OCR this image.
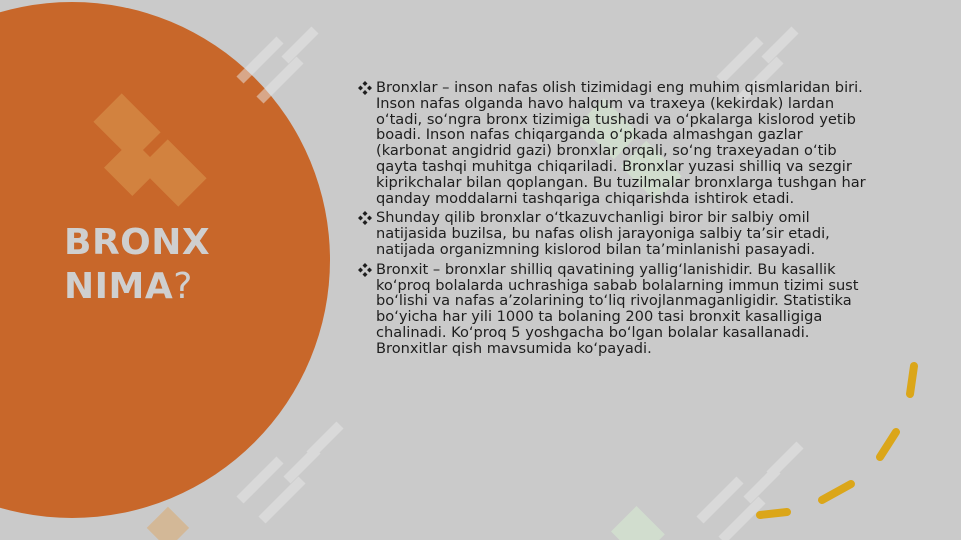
BRONX
NIMA?
Bronxlar – inson nafas olish tizimidagi eng muhim qismlaridan biri. Inson nafas olganda havo halqum va traxeya (kekirdak) lardan o‘tadi, so‘ngra bronx tizimiga tushadi va o‘pkalarga kislorod yetib boadi. Inson nafas chiqarganda o‘pkada almashgan gazlar (karbonat angidrid gazi) bronxlar orqali, so‘ng traxeyadan o‘tib qayta tashqi muhitga chiqariladi. Bronxlar yuzasi shilliq va sezgir kiprikchalar bilan qoplangan. Bu tuzilmalar bronxlarga tushgan har qanday moddalarni tashqariga chiqarishda ishtirok etadi.
Shunday qilib bronxlar o‘tkazuvchanligi biror bir salbiy omil natijasida buzilsa, bu nafas olish jarayoniga salbiy ta’sir etadi, natijada organizmning kislorod bilan ta’minlanishi pasayadi.
Bronxit – bronxlar shilliq qavatining yallig‘lanishidir. Bu kasallik ko‘proq bolalarda uchrashiga sabab bolalarning immun tizimi sust bo‘lishi va nafas a’zolarining to‘liq rivojlanmaganligidir. Statistika bo‘yicha har yili 1000 ta bolaning 200 tasi bronxit kasalligiga chalinadi. Ko‘proq 5 yoshgacha bo‘lgan bolalar kasallanadi. Bronxitlar qish mavsumida ko‘payadi.
